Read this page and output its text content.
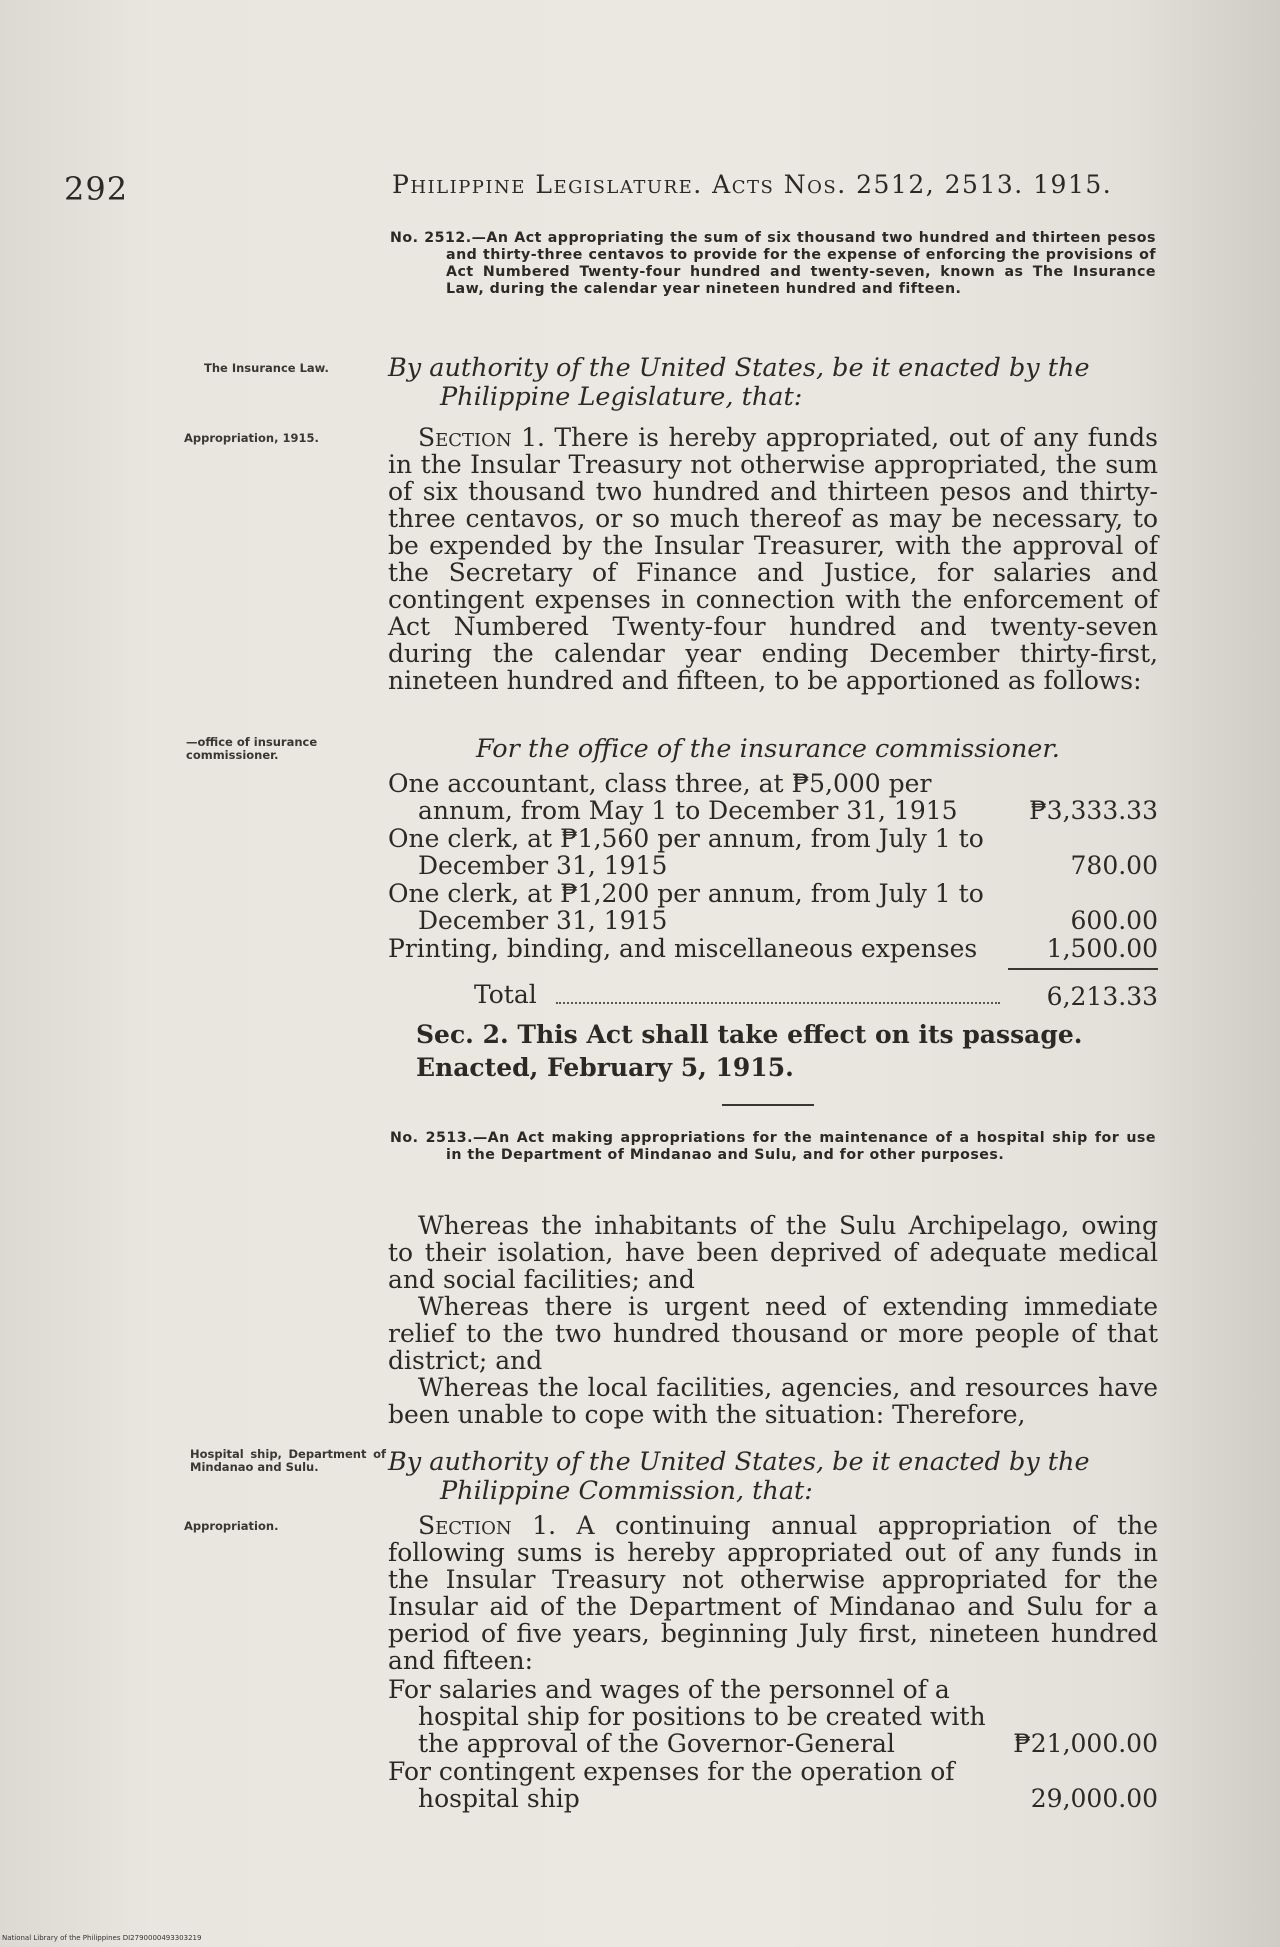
292	Philippine Legislature. Acts Nos. 2512, 2513. 1915.
No. 2512.—An Act appropriating the sum of six thousand two hundred and thirteen pesos and thirty-three centavos to provide for the expense of enforcing the provisions of Act Numbered Twenty-four hundred and twenty-seven, known as The Insurance Law, during the calendar year nineteen hundred and fifteen.
The Insurance Law.	By authority of the United States, be it enacted by the
Philippine Legislature, that:
Appropriation, 1915.	Section 1. There is hereby appropriated, out of any funds in the Insular Treasury not otherwise appropriated, the sum of six thousand two hundred and thirteen pesos and thirty-three centavos, or so much thereof as may be necessary, to be expended by the Insular Treasurer, with the approval of the Secretary of Finance and Justice, for salaries and contingent expenses in connection with the enforcement of Act Numbered Twenty-four hundred and twenty-seven during the calendar year ending December thirty-first, nineteen hundred and fifteen, to be apportioned as follows:
—office of insurance commissioner.	For the office of the insurance commissioner.
One accountant, class three, at ₱5,000 per annum, from May 1 to December 31, 1915	₱3,333.33
One clerk, at ₱1,560 per annum, from July 1 to December 31, 1915	780.00
One clerk, at ₱1,200 per annum, from July 1 to December 31, 1915	600.00
Printing, binding, and miscellaneous expenses	1,500.00
Total	6,213.33
Sec. 2. This Act shall take effect on its passage.
Enacted, February 5, 1915.
No. 2513.—An Act making appropriations for the maintenance of a hospital ship for use in the Department of Mindanao and Sulu, and for other purposes.
Whereas the inhabitants of the Sulu Archipelago, owing to their isolation, have been deprived of adequate medical and social facilities; and
Whereas there is urgent need of extending immediate relief to the two hundred thousand or more people of that district; and
Whereas the local facilities, agencies, and resources have been unable to cope with the situation: Therefore,
Hospital ship, Department of Mindanao and Sulu.	By authority of the United States, be it enacted by the
Philippine Commission, that:
Appropriation.	Section 1. A continuing annual appropriation of the following sums is hereby appropriated out of any funds in the Insular Treasury not otherwise appropriated for the Insular aid of the Department of Mindanao and Sulu for a period of five years, beginning July first, nineteen hundred and fifteen:
For salaries and wages of the personnel of a hospital ship for positions to be created with the approval of the Governor-General	₱21,000.00
For contingent expenses for the operation of hospital ship	29,000.00
National Library of the Philippines DI2790000493303219
